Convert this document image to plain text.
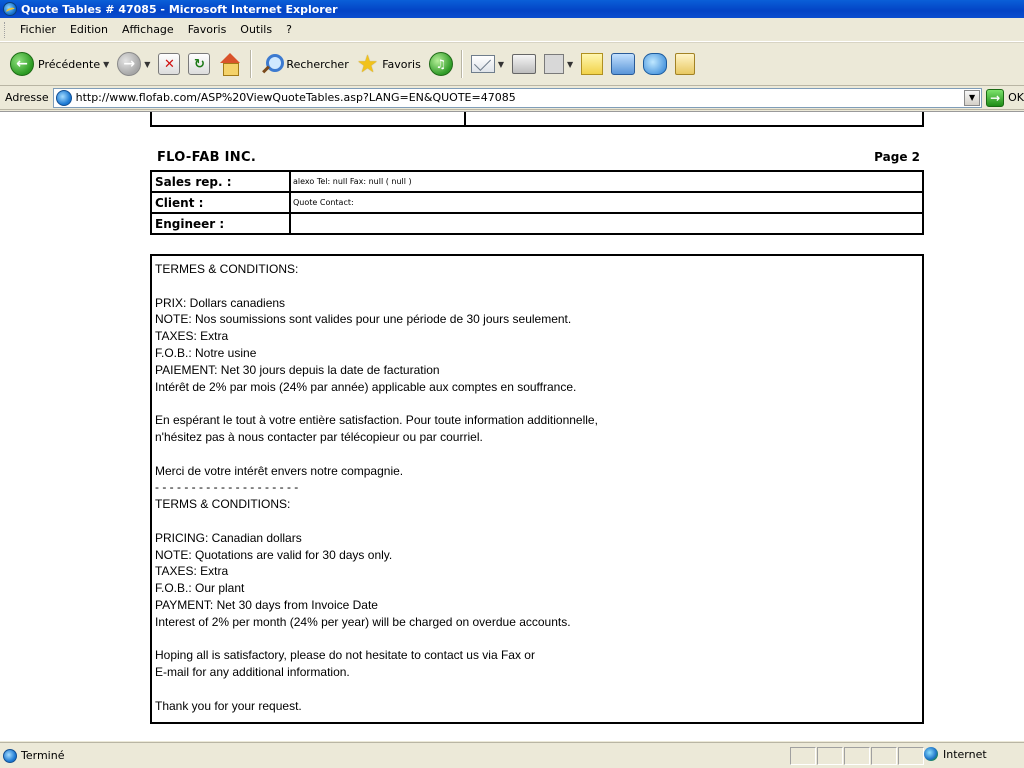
Quote Tables # 47085 - Microsoft Internet Explorer
Fichier	Edition	Affichage	Favoris	Outils	?
← Précédente ▼	→	▼	✕	↻	Rechercher ★ Favoris	♫	▼	▼
Adresse http://www.flofab.com/ASP%20ViewQuoteTables.asp?LANG=EN&QUOTE=47085	▼	→ OK
FLO-FAB INC.	Page 2
Sales rep. :	alexo Tel: null Fax: null ( null )
Client :	Quote Contact:
Engineer :	
TERMES & CONDITIONS:
PRIX: Dollars canadiens
NOTE: Nos soumissions sont valides pour une période de 30 jours seulement.
TAXES: Extra
F.O.B.: Notre usine
PAIEMENT: Net 30 jours depuis la date de facturation
Intérêt de 2% par mois (24% par année) applicable aux comptes en souffrance.
En espérant le tout à votre entière satisfaction. Pour toute information additionnelle,
n'hésitez pas à nous contacter par télécopieur ou par courriel.
Merci de votre intérêt envers notre compagnie.
- - - - - - - - - - - - - - - - - - - -
TERMS & CONDITIONS:
PRICING: Canadian dollars
NOTE: Quotations are valid for 30 days only.
TAXES: Extra
F.O.B.: Our plant
PAYMENT: Net 30 days from Invoice Date
Interest of 2% per month (24% per year) will be charged on overdue accounts.
Hoping all is satisfactory, please do not hesitate to contact us via Fax or
E-mail for any additional information.
Thank you for your request.
Terminé	Internet
